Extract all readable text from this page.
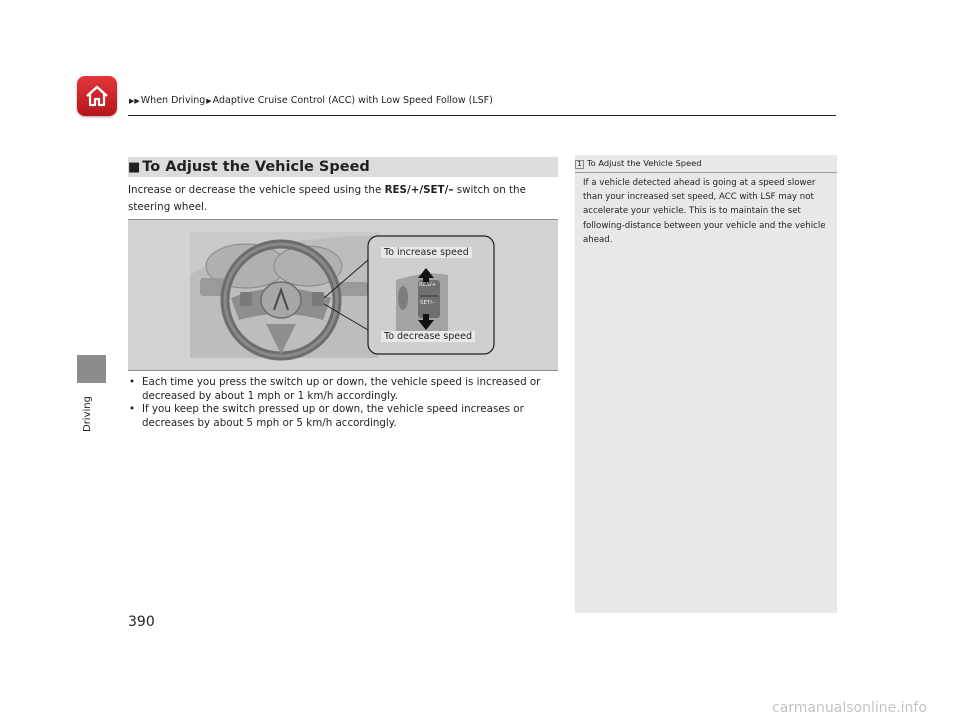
▶▶When Driving▶Adaptive Cruise Control (ACC) with Low Speed Follow (LSF)
Driving
■ To Adjust the Vehicle Speed
Increase or decrease the vehicle speed using the RES/+/SET/– switch on the steering wheel.
To increase speed
To decrease speed
RES/+
SET/–
• Each time you press the switch up or down, the vehicle speed is increased or decreased by about 1 mph or 1 km/h accordingly.
• If you keep the switch pressed up or down, the vehicle speed increases or decreases by about 5 mph or 5 km/h accordingly.
1 To Adjust the Vehicle Speed
If a vehicle detected ahead is going at a speed slower than your increased set speed, ACC with LSF may not accelerate your vehicle. This is to maintain the set following-distance between your vehicle and the vehicle ahead.
390
carmanualsonline.info
